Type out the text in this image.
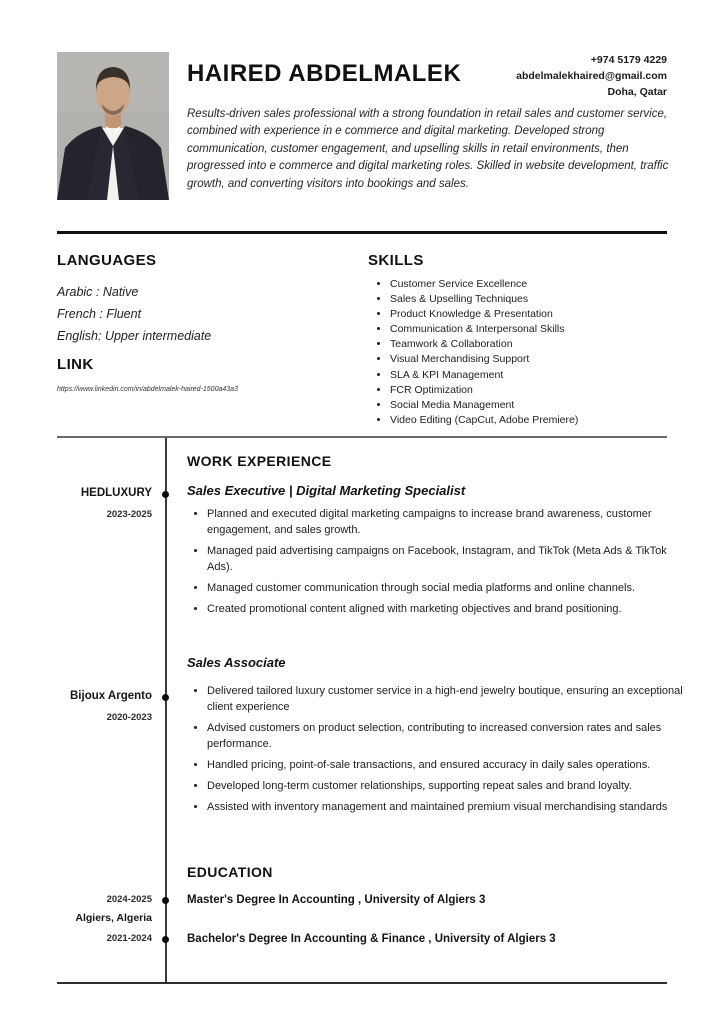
HAIRED ABDELMALEK	+974 5179 4229
abdelmalekhaired@gmail.com
Doha, Qatar

Results-driven sales professional with a strong foundation in retail sales and customer service, combined with experience in e commerce and digital marketing. Developed strong communication, customer engagement, and upselling skills in retail environments, then progressed into e commerce and digital marketing roles. Skilled in website development, traffic growth, and converting visitors into bookings and sales.

LANGUAGES
Arabic : Native
French : Fluent
English: Upper intermediate
LINK
https://www.linkedin.com/in/abdelmalek-haired-1500a43a3
SKILLS
• Customer Service Excellence
• Sales & Upselling Techniques
• Product Knowledge & Presentation
• Communication & Interpersonal Skills
• Teamwork & Collaboration
• Visual Merchandising Support
• SLA & KPI Management
• FCR Optimization
• Social Media Management
• Video Editing (CapCut, Adobe Premiere)
WORK EXPERIENCE
HEDLUXURY
2023-2025
Sales Executive | Digital Marketing Specialist
• Planned and executed digital marketing campaigns to increase brand awareness, customer engagement, and sales growth.
• Managed paid advertising campaigns on Facebook, Instagram, and TikTok (Meta Ads & TikTok Ads).
• Managed customer communication through social media platforms and online channels.
• Created promotional content aligned with marketing objectives and brand positioning.
Bijoux Argento
2020-2023
Sales Associate
• Delivered tailored luxury customer service in a high-end jewelry boutique, ensuring an exceptional client experience
• Advised customers on product selection, contributing to increased conversion rates and sales performance.
• Handled pricing, point-of-sale transactions, and ensured accuracy in daily sales operations.
• Developed long-term customer relationships, supporting repeat sales and brand loyalty.
• Assisted with inventory management and maintained premium visual merchandising standards
EDUCATION
2024-2025
Algiers, Algeria
Master's Degree In Accounting , University of Algiers 3
2021-2024	Bachelor's Degree In Accounting & Finance , University of Algiers 3
